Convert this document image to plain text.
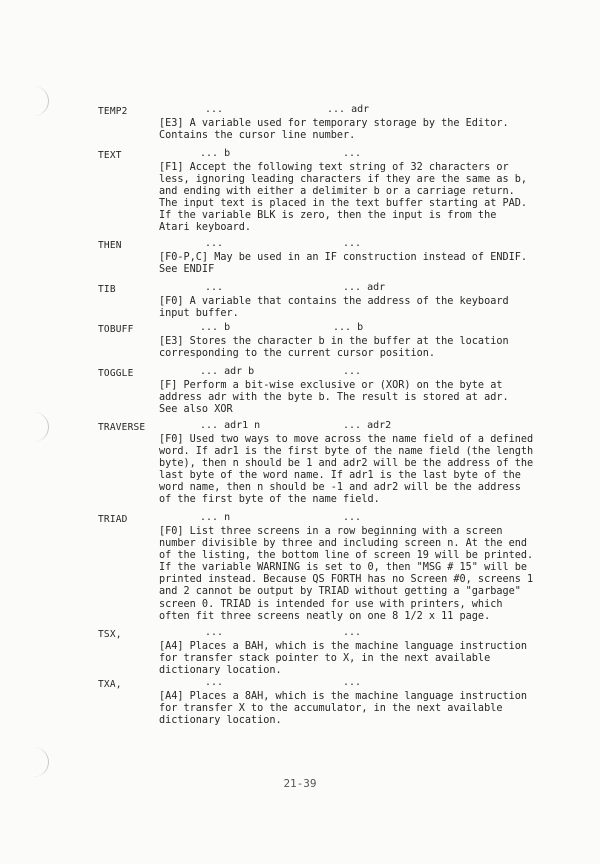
TEMP2	...	... adr
[E3] A variable used for temporary storage by the Editor.
Contains the cursor line number.
TEXT	... b	...
[F1] Accept the following text string of 32 characters or
less, ignoring leading characters if they are the same as b,
and ending with either a delimiter b or a carriage return.
The input text is placed in the text buffer starting at PAD.
If the variable BLK is zero, then the input is from the
Atari keyboard.
THEN	...	...
[F0-P,C] May be used in an IF construction instead of ENDIF.
See ENDIF
TIB	...	... adr
[F0] A variable that contains the address of the keyboard
input buffer.
TOBUFF	... b	... b
[E3] Stores the character b in the buffer at the location
corresponding to the current cursor position.
TOGGLE	... adr b	...
[F] Perform a bit-wise exclusive or (XOR) on the byte at
address adr with the byte b. The result is stored at adr.
See also XOR
TRAVERSE	... adr1 n	... adr2
[F0] Used two ways to move across the name field of a defined
word. If adr1 is the first byte of the name field (the length
byte), then n should be 1 and adr2 will be the address of the
last byte of the word name. If adr1 is the last byte of the
word name, then n should be -1 and adr2 will be the address
of the first byte of the name field.
TRIAD	... n	...
[F0] List three screens in a row beginning with a screen
number divisible by three and including screen n. At the end
of the listing, the bottom line of screen 19 will be printed.
If the variable WARNING is set to 0, then "MSG # 15" will be
printed instead. Because QS FORTH has no Screen #0, screens 1
and 2 cannot be output by TRIAD without getting a "garbage"
screen 0. TRIAD is intended for use with printers, which
often fit three screens neatly on one 8 1/2 x 11 page.
TSX,	...	...
[A4] Places a BAH, which is the machine language instruction
for transfer stack pointer to X, in the next available
dictionary location.
TXA,	...	...
[A4] Places a 8AH, which is the machine language instruction
for transfer X to the accumulator, in the next available
dictionary location.
21-39
